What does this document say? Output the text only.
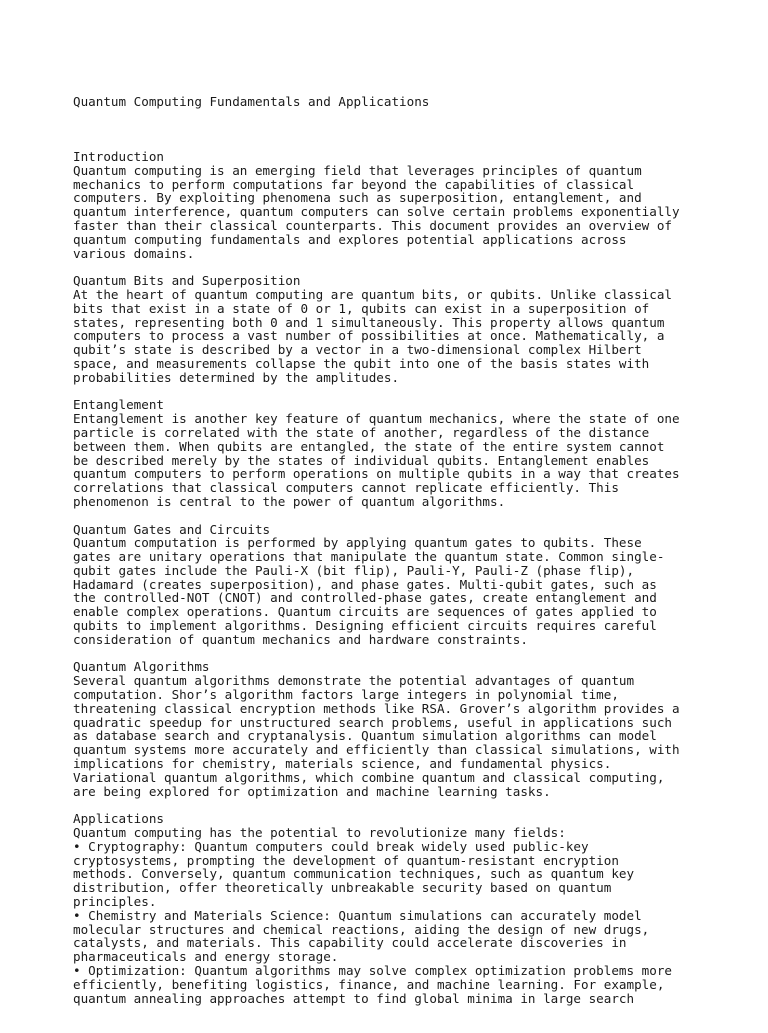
Quantum Computing Fundamentals and Applications

Introduction
Quantum computing is an emerging field that leverages principles of quantum
mechanics to perform computations far beyond the capabilities of classical
computers. By exploiting phenomena such as superposition, entanglement, and
quantum interference, quantum computers can solve certain problems exponentially
faster than their classical counterparts. This document provides an overview of
quantum computing fundamentals and explores potential applications across
various domains.
Quantum Bits and Superposition
At the heart of quantum computing are quantum bits, or qubits. Unlike classical
bits that exist in a state of 0 or 1, qubits can exist in a superposition of
states, representing both 0 and 1 simultaneously. This property allows quantum
computers to process a vast number of possibilities at once. Mathematically, a
qubit’s state is described by a vector in a two-dimensional complex Hilbert
space, and measurements collapse the qubit into one of the basis states with
probabilities determined by the amplitudes.
Entanglement
Entanglement is another key feature of quantum mechanics, where the state of one
particle is correlated with the state of another, regardless of the distance
between them. When qubits are entangled, the state of the entire system cannot
be described merely by the states of individual qubits. Entanglement enables
quantum computers to perform operations on multiple qubits in a way that creates
correlations that classical computers cannot replicate efficiently. This
phenomenon is central to the power of quantum algorithms.
Quantum Gates and Circuits
Quantum computation is performed by applying quantum gates to qubits. These
gates are unitary operations that manipulate the quantum state. Common single-
qubit gates include the Pauli-X (bit flip), Pauli-Y, Pauli-Z (phase flip),
Hadamard (creates superposition), and phase gates. Multi-qubit gates, such as
the controlled-NOT (CNOT) and controlled-phase gates, create entanglement and
enable complex operations. Quantum circuits are sequences of gates applied to
qubits to implement algorithms. Designing efficient circuits requires careful
consideration of quantum mechanics and hardware constraints.
Quantum Algorithms
Several quantum algorithms demonstrate the potential advantages of quantum
computation. Shor’s algorithm factors large integers in polynomial time,
threatening classical encryption methods like RSA. Grover’s algorithm provides a
quadratic speedup for unstructured search problems, useful in applications such
as database search and cryptanalysis. Quantum simulation algorithms can model
quantum systems more accurately and efficiently than classical simulations, with
implications for chemistry, materials science, and fundamental physics.
Variational quantum algorithms, which combine quantum and classical computing,
are being explored for optimization and machine learning tasks.
Applications
Quantum computing has the potential to revolutionize many fields:
• Cryptography: Quantum computers could break widely used public-key
cryptosystems, prompting the development of quantum-resistant encryption
methods. Conversely, quantum communication techniques, such as quantum key
distribution, offer theoretically unbreakable security based on quantum
principles.
• Chemistry and Materials Science: Quantum simulations can accurately model
molecular structures and chemical reactions, aiding the design of new drugs,
catalysts, and materials. This capability could accelerate discoveries in
pharmaceuticals and energy storage.
• Optimization: Quantum algorithms may solve complex optimization problems more
efficiently, benefiting logistics, finance, and machine learning. For example,
quantum annealing approaches attempt to find global minima in large search
